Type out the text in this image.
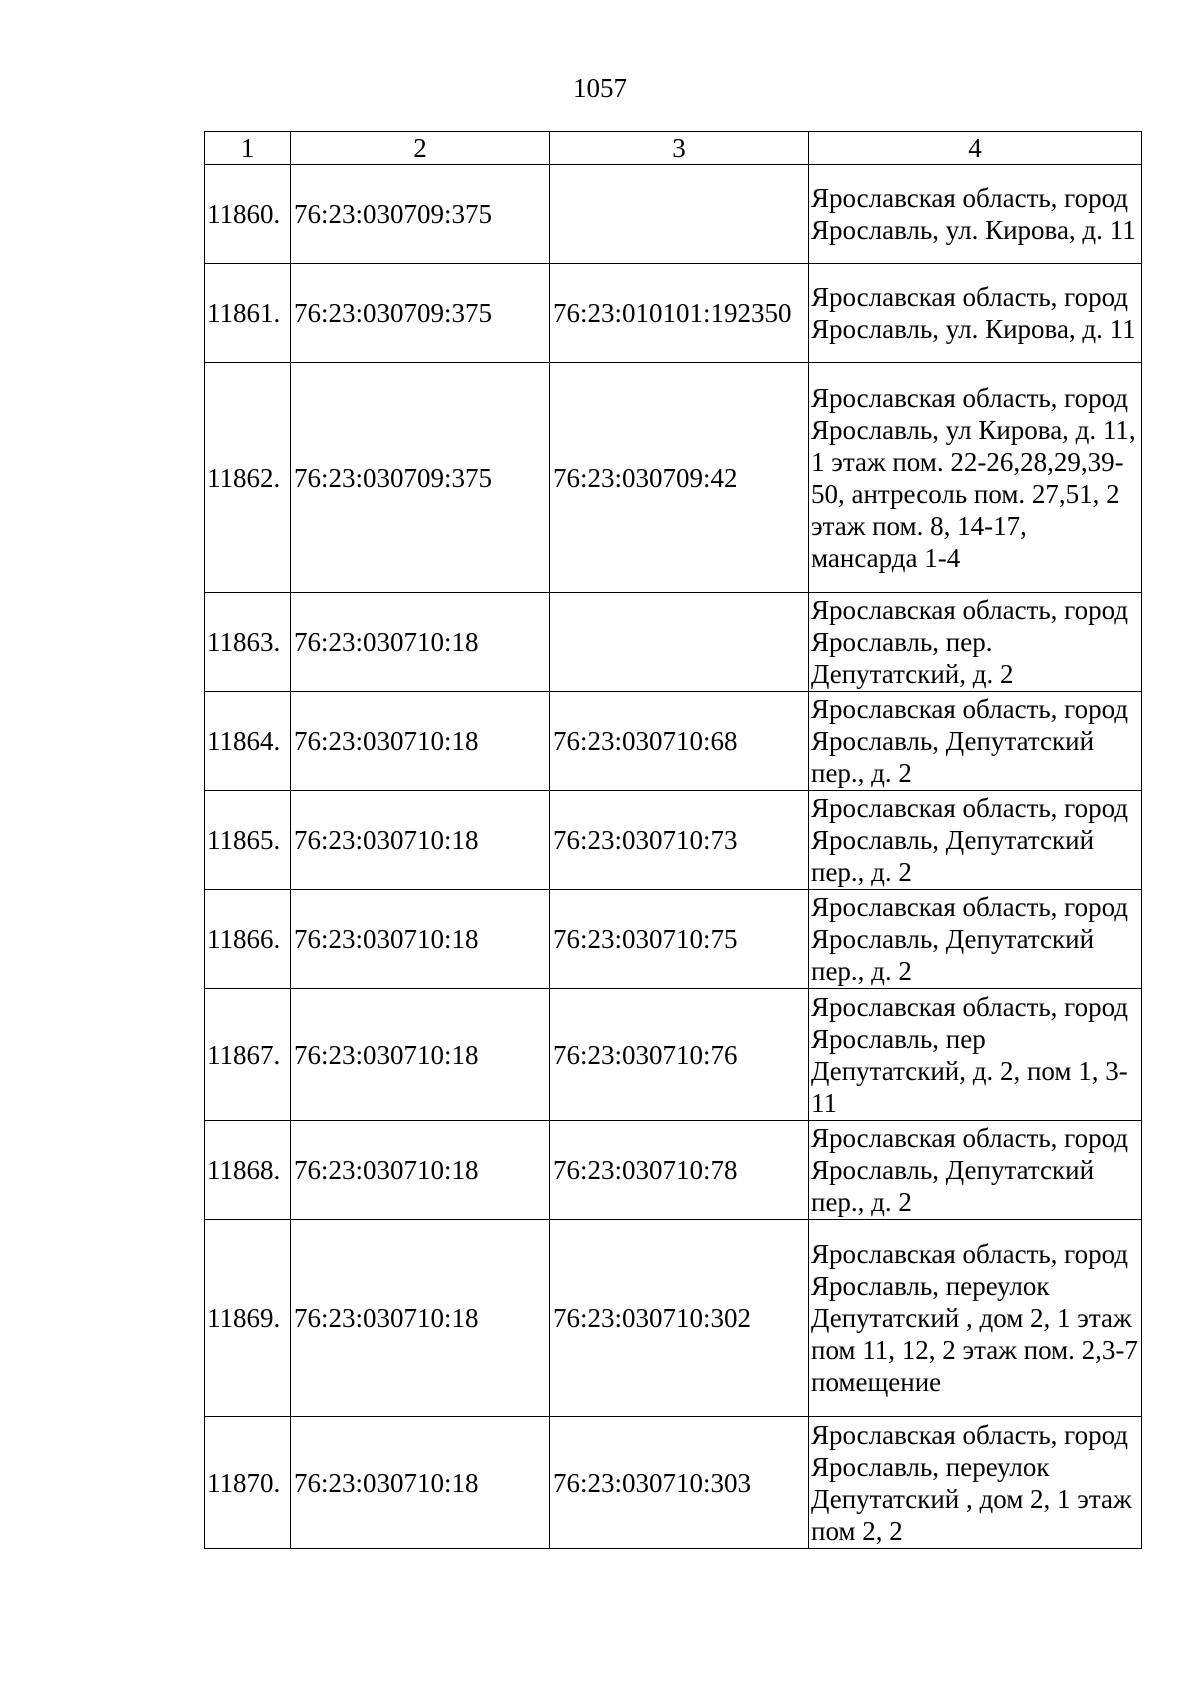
1057
1	2	3	4
11860.	76:23:030709:375		Ярославская область, город Ярославль, ул. Кирова, д. 11
11861.	76:23:030709:375	76:23:010101:192350	Ярославская область, город Ярославль, ул. Кирова, д. 11
11862.	76:23:030709:375	76:23:030709:42	Ярославская область, город Ярославль, ул Кирова, д. 11, 1 этаж пом. 22-26,28,29,39-50, антресоль пом. 27,51, 2 этаж пом. 8, 14-17, мансарда 1-4
11863.	76:23:030710:18		Ярославская область, город Ярославль, пер. Депутатский, д. 2
11864.	76:23:030710:18	76:23:030710:68	Ярославская область, город Ярославль, Депутатский пер., д. 2
11865.	76:23:030710:18	76:23:030710:73	Ярославская область, город Ярославль, Депутатский пер., д. 2
11866.	76:23:030710:18	76:23:030710:75	Ярославская область, город Ярославль, Депутатский пер., д. 2
11867.	76:23:030710:18	76:23:030710:76	Ярославская область, город Ярославль, пер Депутатский, д. 2, пом 1, 3-11
11868.	76:23:030710:18	76:23:030710:78	Ярославская область, город Ярославль, Депутатский пер., д. 2
11869.	76:23:030710:18	76:23:030710:302	Ярославская область, город Ярославль, переулок Депутатский , дом 2, 1 этаж пом 11, 12, 2 этаж пом. 2,3-7 помещение
11870.	76:23:030710:18	76:23:030710:303	Ярославская область, город Ярославль, переулок Депутатский , дом 2, 1 этаж пом 2, 2
